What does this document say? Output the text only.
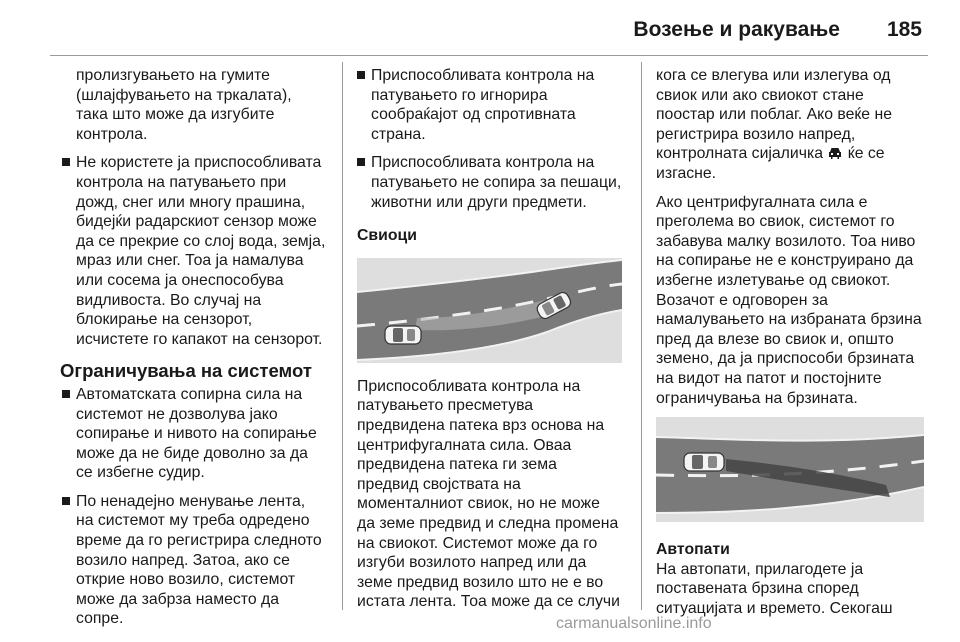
Возење и ракување 185

пролизгувањето на гумите (шлајфувањето на тркалата), така што може да изгубите контрола.

Не користете ја приспособливата контрола на патувањето при дожд, снег или многу прашина, бидејќи радарскиот сензор може да се прекрие со слој вода, земја, мраз или снег. Тоа ја намалува или сосема ја онеспособува видливоста. Во случај на блокирање на сензорот, исчистете го капакот на сензорот.
Ограничувања на системот
Автоматската сопирна сила на системот не дозволува јако сопирање и нивото на сопирање може да не биде доволно за да се избегне судир.
По ненадејно менување лента, на системот му треба одредено време да го регистрира следното возило напред. Затоа, ако се открие ново возило, системот може да забрза наместо да сопре.
Приспособливата контрола на патувањето го игнорира сообраќајот од спротивната страна.
Приспособливата контрола на патувањето не сопира за пешаци, животни или други предмети.
Свиоци

Приспособливата контрола на патувањето пресметува предвидена патека врз основа на центрифугалната сила. Оваа предвидена патека ги зема предвид својствата на моменталниот свиок, но не може да земе предвид и следна промена на свиокот. Системот може да го изгуби возилото напред или да земе предвид возило што не е во истата лента. Тоа може да се случи

кога се влегува или излегува од свиок или ако свиокот стане поостар или поблаг. Ако веќе не регистрира возило напред, контролната сијаличка ќе се изгасне.

Ако центрифугалната сила е преголема во свиок, системот го забавува малку возилото. Тоа ниво на сопирање не е конструирано да избегне излетување од свиокот. Возачот е одговорен за намалувањето на избраната брзина пред да влезе во свиок и, општо земено, да ја приспособи брзината на видот на патот и постојните ограничувања на брзината.

Автопати

На автопати, прилагодете ја поставената брзина според ситуацијата и времето. Секогаш

carmanualsonline.info
